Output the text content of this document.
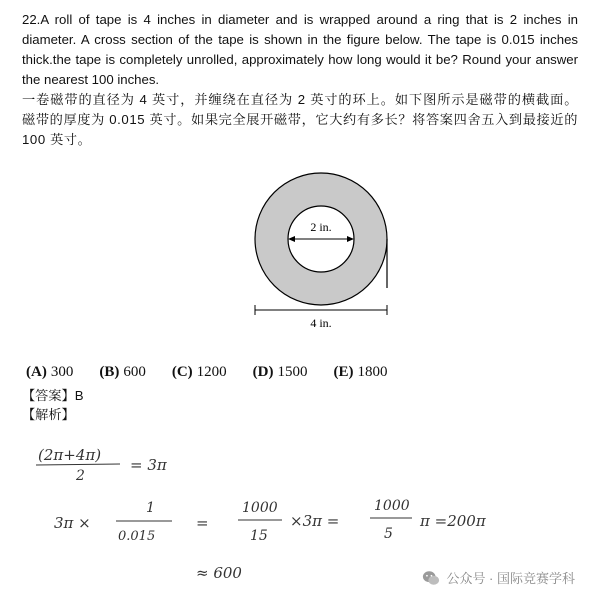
22.A roll of tape is 4 inches in diameter and is wrapped around a ring that is 2 inches in diameter. A cross section of the tape is shown in the figure below. The tape is 0.015 inches thick.the tape is completely unrolled, approximately how long would it be? Round your answer the nearest 100 inches.

一卷磁带的直径为 4 英寸，并缠绕在直径为 2 英寸的环上。如下图所示是磁带的横截面。磁带的厚度为 0.015 英寸。如果完全展开磁带，它大约有多长？将答案四舍五入到最接近的 100 英寸。

2 in.
4 in.
(A) 300 (B) 600 (C) 1200 (D) 1500 (E) 1800
【答案】B
【解析】
(2π+4π)
2
= 3π
3π ×
1
0.015
=
1000
15
×3π =
1000
5
π =200π
≈ 600	公众号 · 国际竞赛学科
